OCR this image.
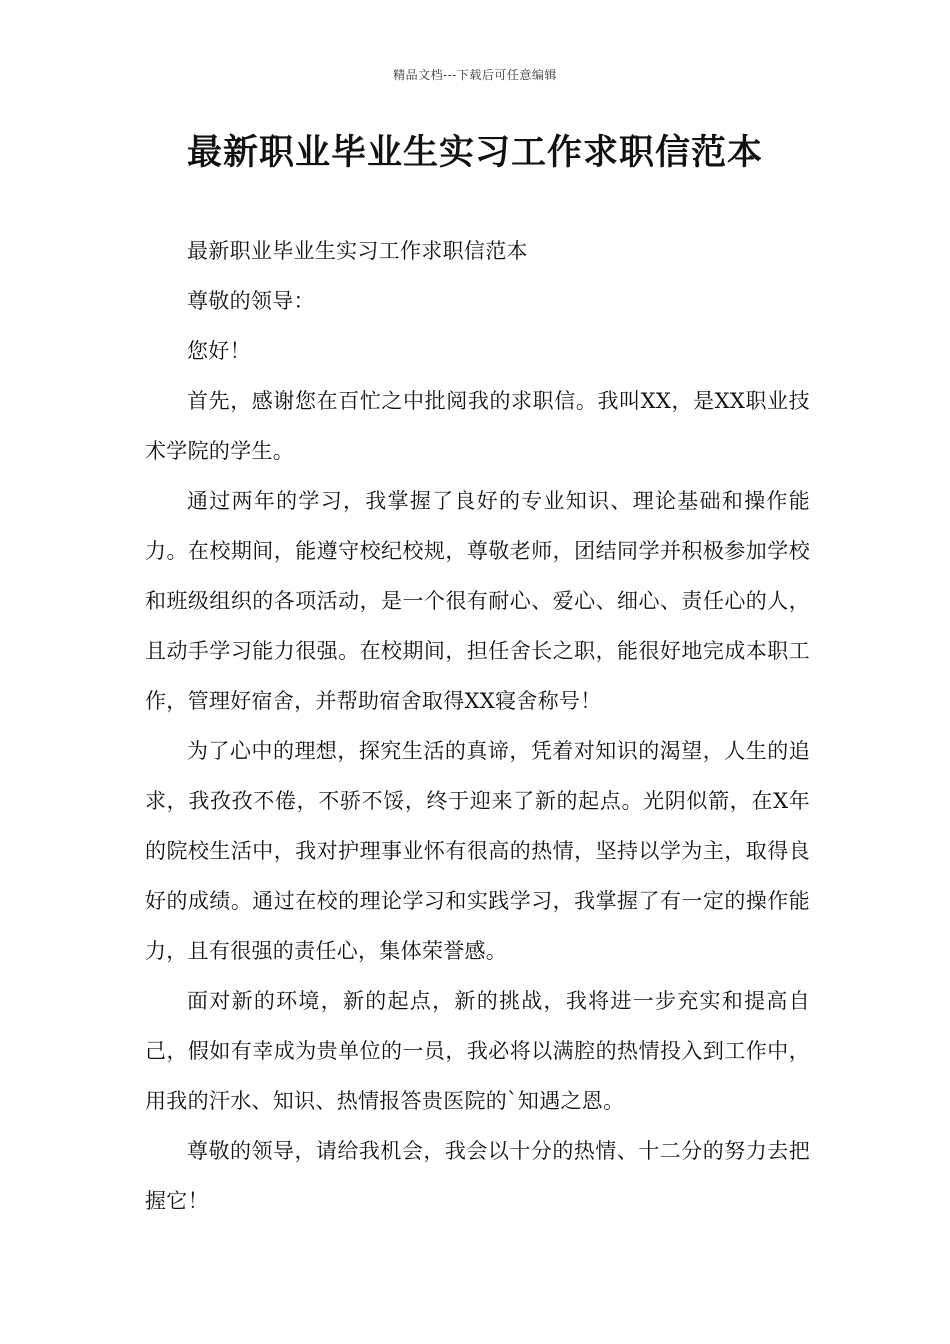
精品文档---下载后可任意编辑
最新职业毕业生实习工作求职信范本

最新职业毕业生实习工作求职信范本

尊敬的领导：

您好！

首先，感谢您在百忙之中批阅我的求职信。我叫XX，是XX职业技术学院的学生。

通过两年的学习，我掌握了良好的专业知识、理论基础和操作能力。在校期间，能遵守校纪校规，尊敬老师，团结同学并积极参加学校和班级组织的各项活动，是一个很有耐心、爱心、细心、责任心的人，且动手学习能力很强。在校期间，担任舍长之职，能很好地完成本职工作，管理好宿舍，并帮助宿舍取得XX寝舍称号！

为了心中的理想，探究生活的真谛，凭着对知识的渴望，人生的追求，我孜孜不倦，不骄不馁，终于迎来了新的起点。光阴似箭，在X年的院校生活中，我对护理事业怀有很高的热情，坚持以学为主，取得良好的成绩。通过在校的理论学习和实践学习，我掌握了有一定的操作能力，且有很强的责任心，集体荣誉感。

面对新的环境，新的起点，新的挑战，我将进一步充实和提高自己，假如有幸成为贵单位的一员，我必将以满腔的热情投入到工作中，用我的汗水、知识、热情报答贵医院的`知遇之恩。

尊敬的领导，请给我机会，我会以十分的热情、十二分的努力去把握它！
